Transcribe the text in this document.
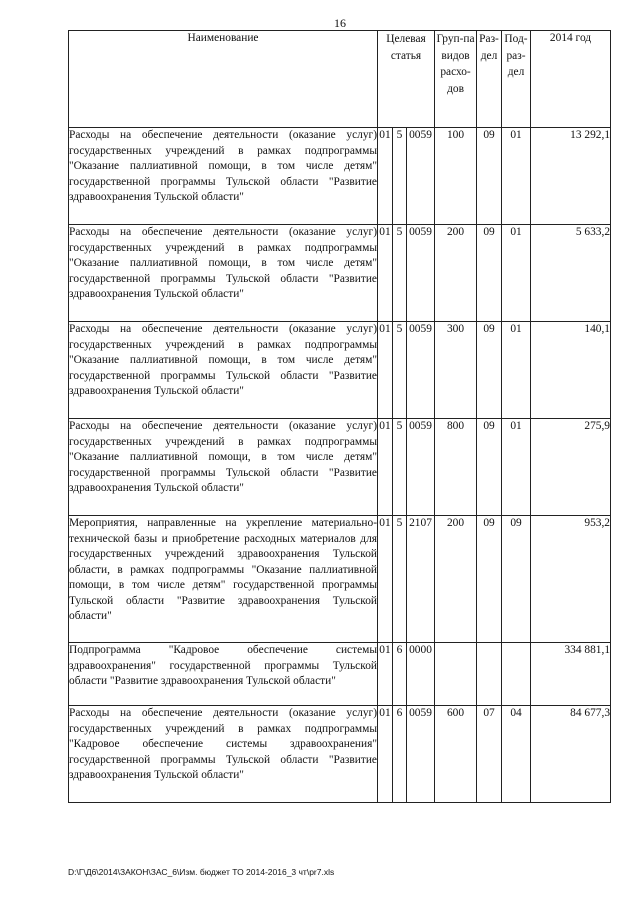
16
Наименование	Целевая статья			Груп-па видов расхо-дов	Раз-дел	Под-раз-дел	2014 год
Расходы на обеспечение деятельности (оказание услуг) государственных учреждений в рамках подпрограммы "Оказание паллиативной помощи, в том числе детям" государственной программы Тульской области "Развитие здравоохранения Тульской области"	01	5	0059	100	09	01	13 292,1
Расходы на обеспечение деятельности (оказание услуг) государственных учреждений в рамках подпрограммы "Оказание паллиативной помощи, в том числе детям" государственной программы Тульской области "Развитие здравоохранения Тульской области"	01	5	0059	200	09	01	5 633,2
Расходы на обеспечение деятельности (оказание услуг) государственных учреждений в рамках подпрограммы "Оказание паллиативной помощи, в том числе детям" государственной программы Тульской области "Развитие здравоохранения Тульской области"	01	5	0059	300	09	01	140,1
Расходы на обеспечение деятельности (оказание услуг) государственных учреждений в рамках подпрограммы "Оказание паллиативной помощи, в том числе детям" государственной программы Тульской области "Развитие здравоохранения Тульской области"	01	5	0059	800	09	01	275,9
Мероприятия, направленные на укрепление материально-технической базы и приобретение расходных материалов для государственных учреждений здравоохранения Тульской области, в рамках подпрограммы "Оказание паллиативной помощи, в том числе детям" государственной программы Тульской области "Развитие здравоохранения Тульской области"	01	5	2107	200	09	09	953,2
Подпрограмма "Кадровое обеспечение системы здравоохранения" государственной программы Тульской области "Развитие здравоохранения Тульской области"	01	6	0000				334 881,1
Расходы на обеспечение деятельности (оказание услуг) государственных учреждений в рамках подпрограммы "Кадровое обеспечение системы здравоохранения" государственной программы Тульской области "Развитие здравоохранения Тульской области"	01	6	0059	600	07	04	84 677,3
D:\Г\Д6\2014\ЗАКОН\ЗАС_6\Изм. бюджет ТО 2014-2016_3 чт\pr7.xls
